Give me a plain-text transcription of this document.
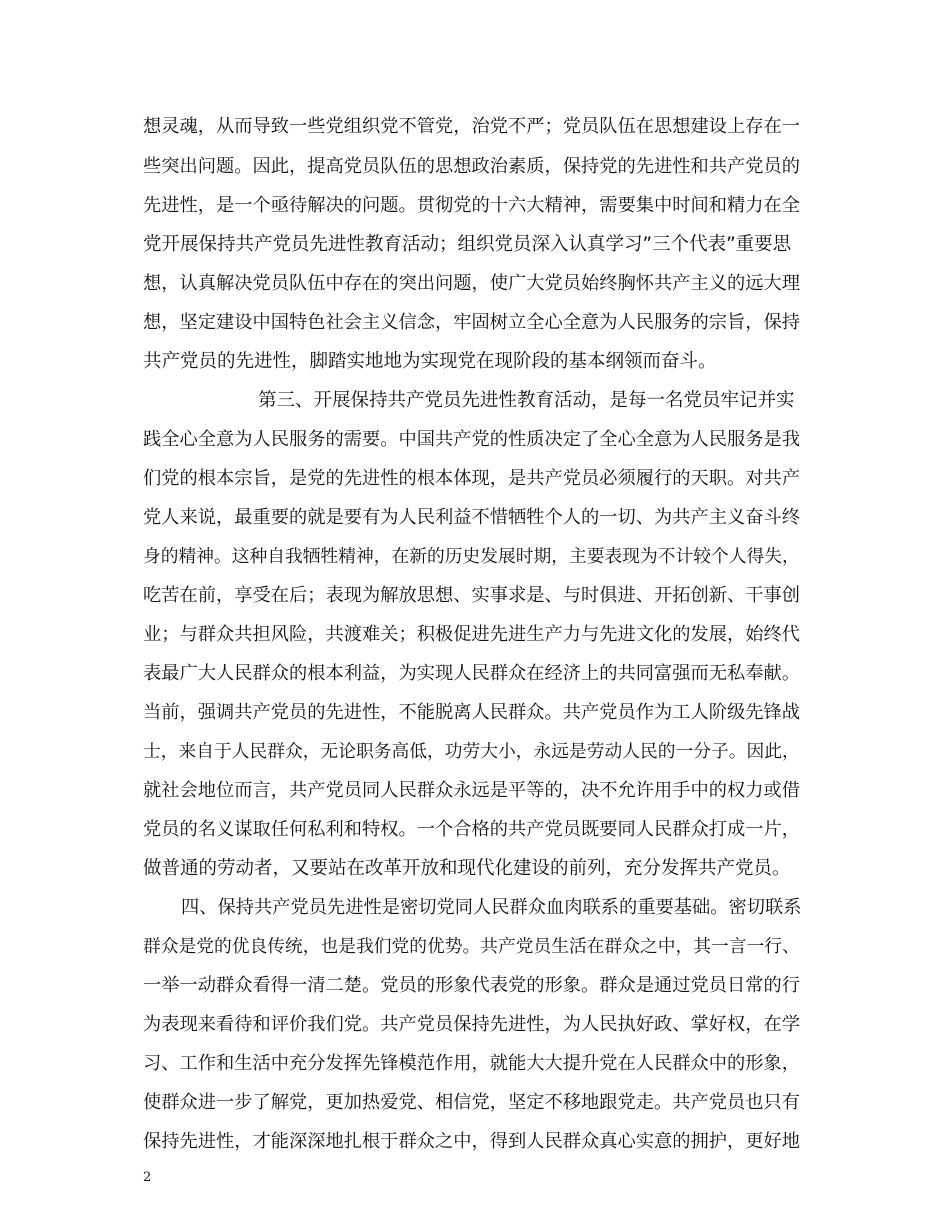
想灵魂，从而导致一些党组织党不管党，治党不严；党员队伍在思想建设上存在一

些突出问题。因此，提高党员队伍的思想政治素质，保持党的先进性和共产党员的

先进性，是一个亟待解决的问题。贯彻党的十六大精神，需要集中时间和精力在全

党开展保持共产党员先进性教育活动；组织党员深入认真学习”三个代表”重要思

想，认真解决党员队伍中存在的突出问题，使广大党员始终胸怀共产主义的远大理

想，坚定建设中国特色社会主义信念，牢固树立全心全意为人民服务的宗旨，保持

共产党员的先进性，脚踏实地地为实现党在现阶段的基本纲领而奋斗。

第三、开展保持共产党员先进性教育活动，是每一名党员牢记并实

践全心全意为人民服务的需要。中国共产党的性质决定了全心全意为人民服务是我

们党的根本宗旨，是党的先进性的根本体现，是共产党员必须履行的天职。对共产

党人来说，最重要的就是要有为人民利益不惜牺牲个人的一切、为共产主义奋斗终

身的精神。这种自我牺牲精神，在新的历史发展时期，主要表现为不计较个人得失，

吃苦在前，享受在后；表现为解放思想、实事求是、与时俱进、开拓创新、干事创

业；与群众共担风险，共渡难关；积极促进先进生产力与先进文化的发展，始终代

表最广大人民群众的根本利益，为实现人民群众在经济上的共同富强而无私奉献。

当前，强调共产党员的先进性，不能脱离人民群众。共产党员作为工人阶级先锋战

士，来自于人民群众，无论职务高低，功劳大小，永远是劳动人民的一分子。因此，

就社会地位而言，共产党员同人民群众永远是平等的，决不允许用手中的权力或借

党员的名义谋取任何私利和特权。一个合格的共产党员既要同人民群众打成一片，

做普通的劳动者，又要站在改革开放和现代化建设的前列，充分发挥共产党员。

四、保持共产党员先进性是密切党同人民群众血肉联系的重要基础。密切联系

群众是党的优良传统，也是我们党的优势。共产党员生活在群众之中，其一言一行、

一举一动群众看得一清二楚。党员的形象代表党的形象。群众是通过党员日常的行

为表现来看待和评价我们党。共产党员保持先进性，为人民执好政、掌好权，在学

习、工作和生活中充分发挥先锋模范作用，就能大大提升党在人民群众中的形象，

使群众进一步了解党，更加热爱党、相信党，坚定不移地跟党走。共产党员也只有

保持先进性，才能深深地扎根于群众之中，得到人民群众真心实意的拥护，更好地

2
